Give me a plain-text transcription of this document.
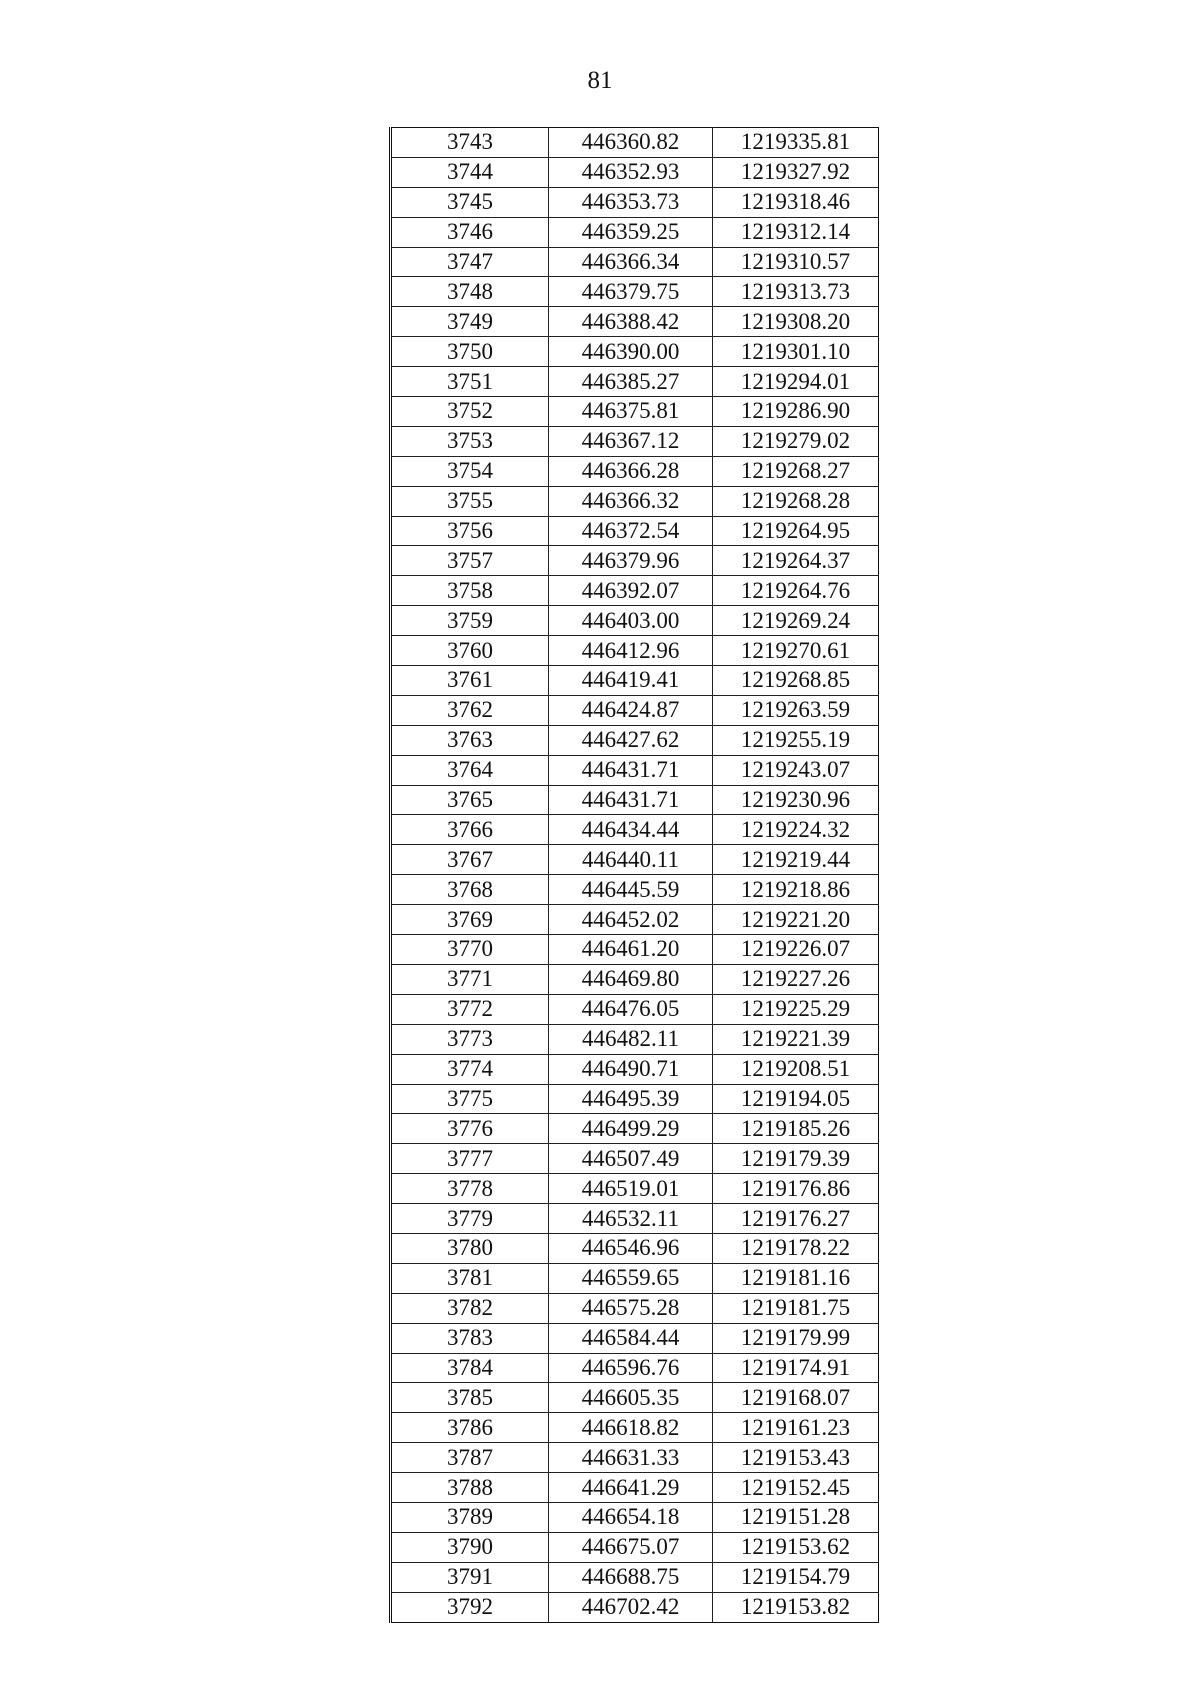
81
3743	446360.82	1219335.81
3744	446352.93	1219327.92
3745	446353.73	1219318.46
3746	446359.25	1219312.14
3747	446366.34	1219310.57
3748	446379.75	1219313.73
3749	446388.42	1219308.20
3750	446390.00	1219301.10
3751	446385.27	1219294.01
3752	446375.81	1219286.90
3753	446367.12	1219279.02
3754	446366.28	1219268.27
3755	446366.32	1219268.28
3756	446372.54	1219264.95
3757	446379.96	1219264.37
3758	446392.07	1219264.76
3759	446403.00	1219269.24
3760	446412.96	1219270.61
3761	446419.41	1219268.85
3762	446424.87	1219263.59
3763	446427.62	1219255.19
3764	446431.71	1219243.07
3765	446431.71	1219230.96
3766	446434.44	1219224.32
3767	446440.11	1219219.44
3768	446445.59	1219218.86
3769	446452.02	1219221.20
3770	446461.20	1219226.07
3771	446469.80	1219227.26
3772	446476.05	1219225.29
3773	446482.11	1219221.39
3774	446490.71	1219208.51
3775	446495.39	1219194.05
3776	446499.29	1219185.26
3777	446507.49	1219179.39
3778	446519.01	1219176.86
3779	446532.11	1219176.27
3780	446546.96	1219178.22
3781	446559.65	1219181.16
3782	446575.28	1219181.75
3783	446584.44	1219179.99
3784	446596.76	1219174.91
3785	446605.35	1219168.07
3786	446618.82	1219161.23
3787	446631.33	1219153.43
3788	446641.29	1219152.45
3789	446654.18	1219151.28
3790	446675.07	1219153.62
3791	446688.75	1219154.79
3792	446702.42	1219153.82
